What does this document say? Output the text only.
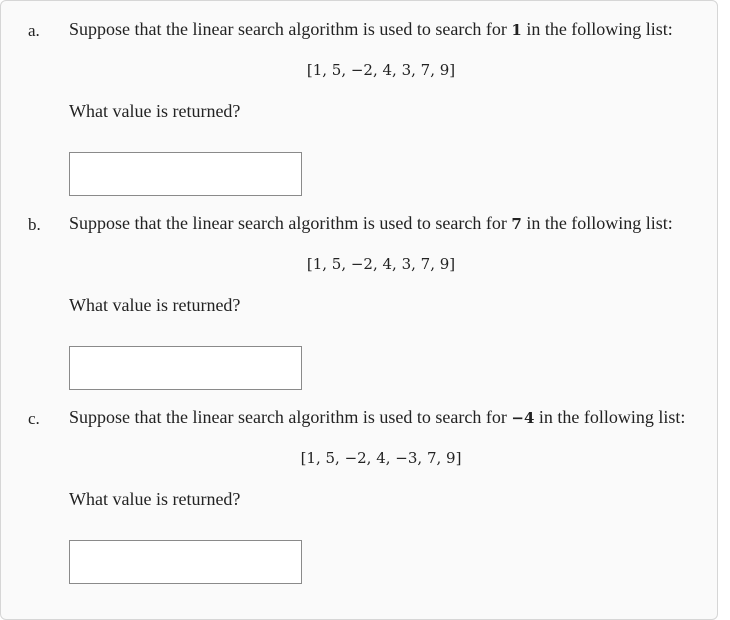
a. Suppose that the linear search algorithm is used to search for 1 in the following list:
[1, 5, −2, 4, 3, 7, 9]
What value is returned?
b. Suppose that the linear search algorithm is used to search for 7 in the following list:
[1, 5, −2, 4, 3, 7, 9]
What value is returned?
c. Suppose that the linear search algorithm is used to search for −4 in the following list:
[1, 5, −2, 4, −3, 7, 9]
What value is returned?
